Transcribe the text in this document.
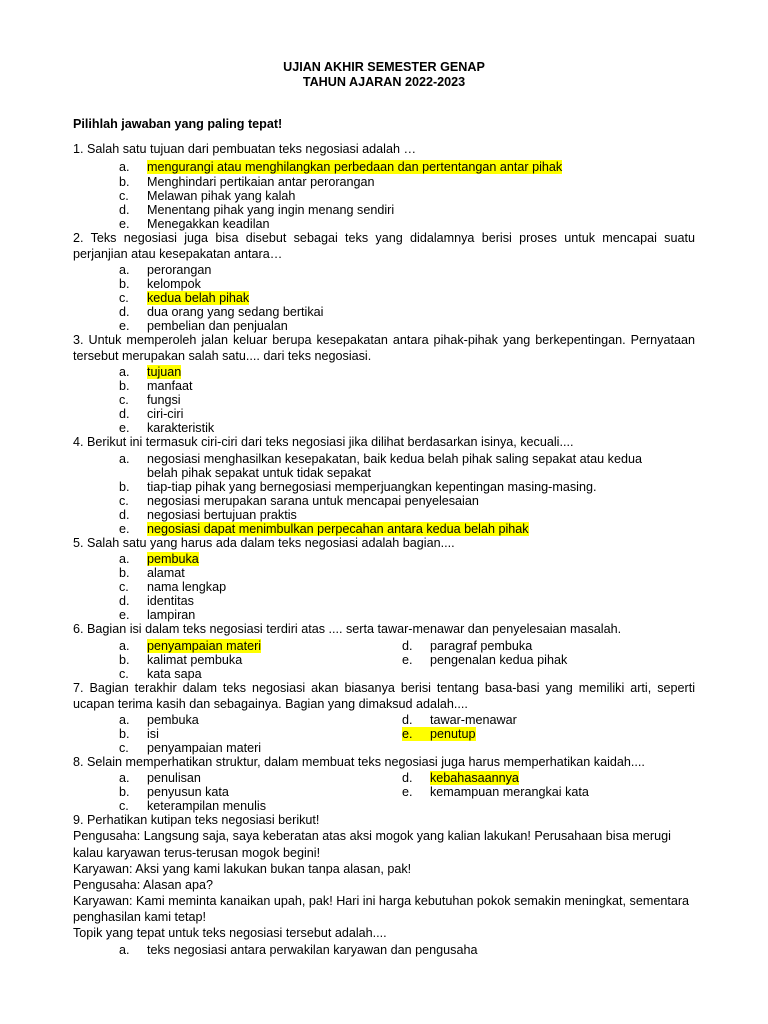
UJIAN AKHIR SEMESTER GENAP
TAHUN AJARAN 2022-2023
Pilihlah jawaban yang paling tepat!
1. Salah satu tujuan dari pembuatan teks negosiasi adalah …
a. mengurangi atau menghilangkan perbedaan dan pertentangan antar pihak
b. Menghindari pertikaian antar perorangan
c. Melawan pihak yang kalah
d. Menentang pihak yang ingin menang sendiri
e. Menegakkan keadilan
2. Teks negosiasi juga bisa disebut sebagai teks yang didalamnya berisi proses untuk mencapai suatu
perjanjian atau kesepakatan antara…
a. perorangan
b. kelompok
c. kedua belah pihak
d. dua orang yang sedang bertikai
e. pembelian dan penjualan
3. Untuk memperoleh jalan keluar berupa kesepakatan antara pihak-pihak yang berkepentingan. Pernyataan
tersebut merupakan salah satu.... dari teks negosiasi.
a. tujuan
b. manfaat
c. fungsi
d. ciri-ciri
e. karakteristik
4. Berikut ini termasuk ciri-ciri dari teks negosiasi jika dilihat berdasarkan isinya, kecuali....
a. negosiasi menghasilkan kesepakatan, baik kedua belah pihak saling sepakat atau kedua
belah pihak sepakat untuk tidak sepakat
b. tiap-tiap pihak yang bernegosiasi memperjuangkan kepentingan masing-masing.
c. negosiasi merupakan sarana untuk mencapai penyelesaian
d. negosiasi bertujuan praktis
e. negosiasi dapat menimbulkan perpecahan antara kedua belah pihak
5. Salah satu yang harus ada dalam teks negosiasi adalah bagian....
a. pembuka
b. alamat
c. nama lengkap
d. identitas
e. lampiran
6. Bagian isi dalam teks negosiasi terdiri atas .... serta tawar-menawar dan penyelesaian masalah.
a. penyampaian materi
b. kalimat pembuka
c. kata sapa
d. paragraf pembuka
e. pengenalan kedua pihak
7. Bagian terakhir dalam teks negosiasi akan biasanya berisi tentang basa-basi yang memiliki arti, seperti
ucapan terima kasih dan sebagainya. Bagian yang dimaksud adalah....
a. pembuka
b. isi
c. penyampaian materi
d. tawar-menawar
e. penutup
8. Selain memperhatikan struktur, dalam membuat teks negosiasi juga harus memperhatikan kaidah....
a. penulisan
b. penyusun kata
c. keterampilan menulis
d. kebahasaannya
e. kemampuan merangkai kata
9. Perhatikan kutipan teks negosiasi berikut!
Pengusaha: Langsung saja, saya keberatan atas aksi mogok yang kalian lakukan! Perusahaan bisa merugi
kalau karyawan terus-terusan mogok begini!
Karyawan: Aksi yang kami lakukan bukan tanpa alasan, pak!
Pengusaha: Alasan apa?
Karyawan: Kami meminta kanaikan upah, pak! Hari ini harga kebutuhan pokok semakin meningkat, sementara
penghasilan kami tetap!
Topik yang tepat untuk teks negosiasi tersebut adalah....
a. teks negosiasi antara perwakilan karyawan dan pengusaha
